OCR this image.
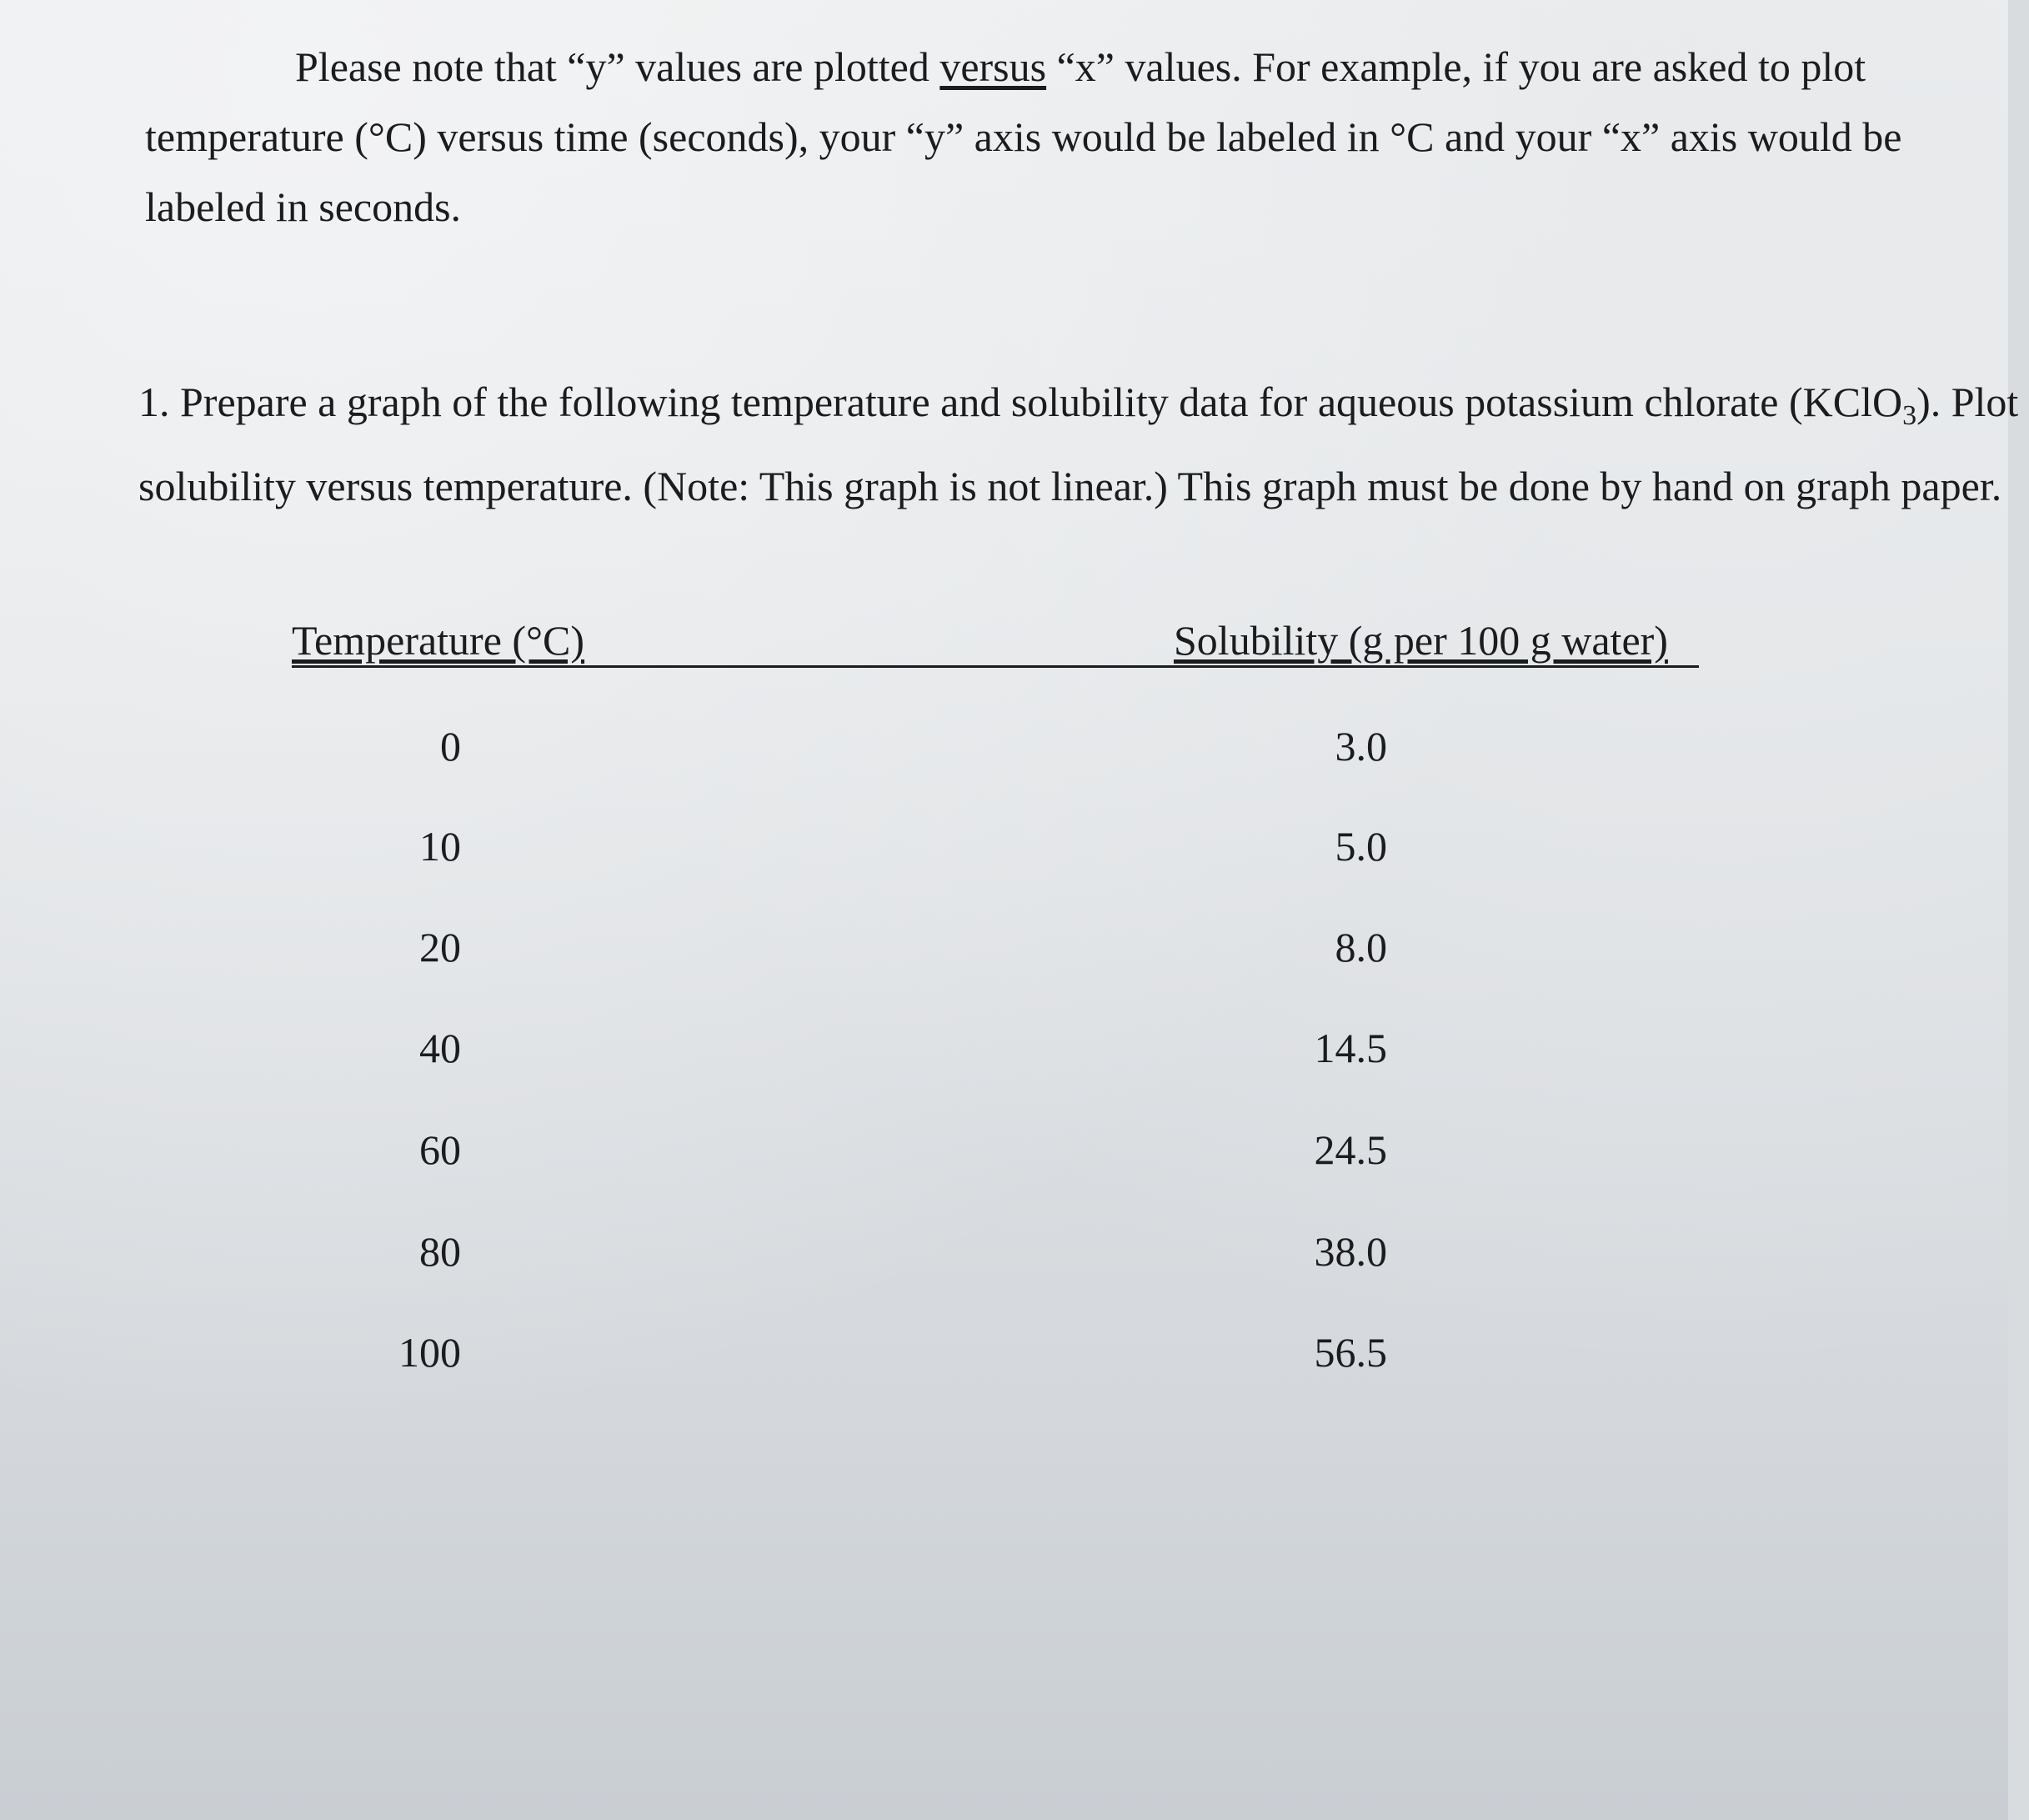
Please note that “y” values are plotted versus “x” values. For example, if you are asked to plot temperature (°C) versus time (seconds), your “y” axis would be labeled in °C and your “x” axis would be labeled in seconds.

1. Prepare a graph of the following temperature and solubility data for aqueous potassium chlorate (KClO$_3$). Plot solubility versus temperature. (Note: This graph is not linear.) This graph must be done by hand on graph paper.

Temperature (°C)	Solubility (g per 100 g water)
0	3.0
10	5.0
20	8.0
40	14.5
60	24.5
80	38.0
100	56.5
